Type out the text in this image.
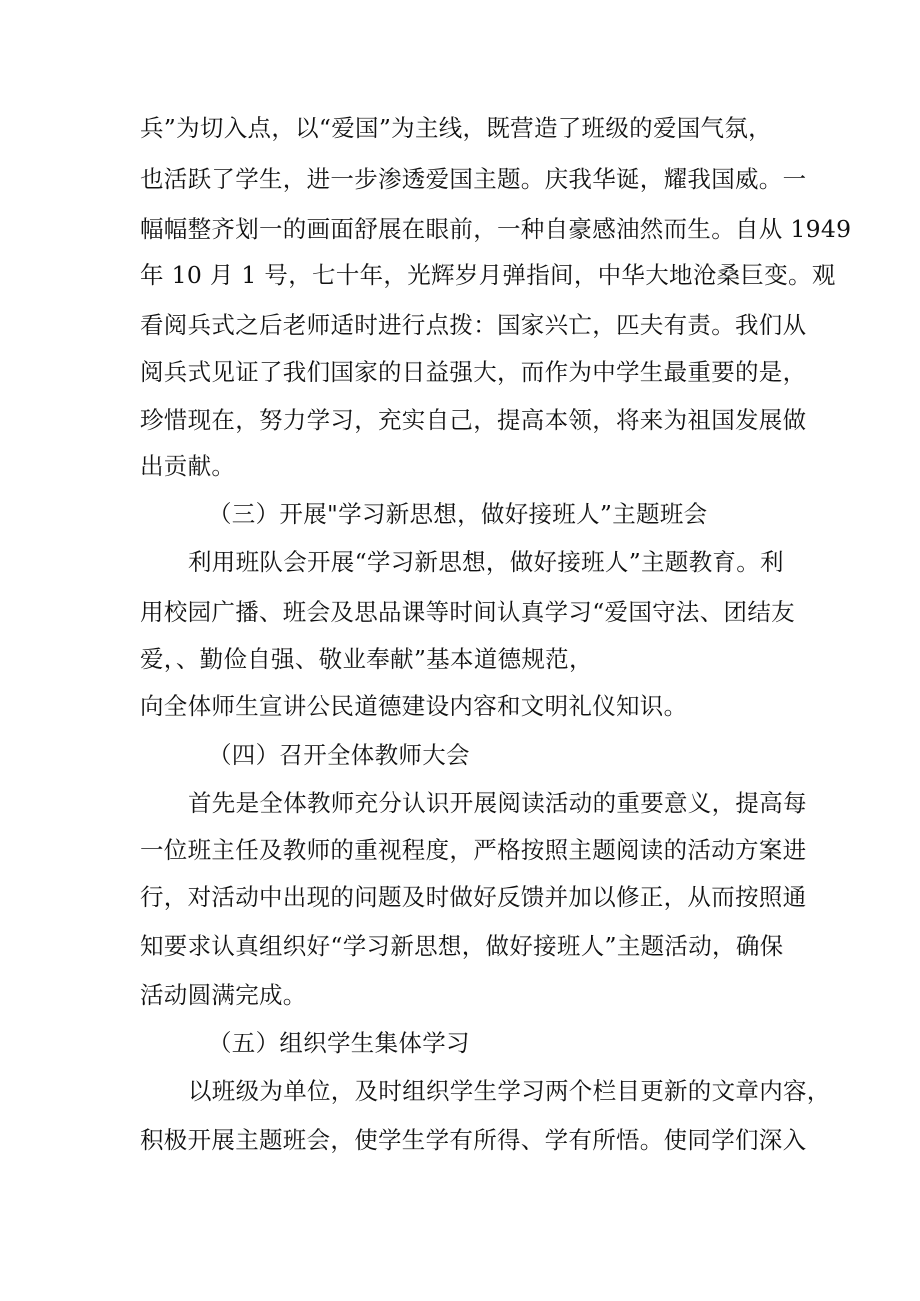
兵”为切入点，以“爱国”为主线，既营造了班级的爱国气氛，
也活跃了学生，进一步渗透爱国主题。庆我华诞，耀我国威。一
幅幅整齐划一的画面舒展在眼前，一种自豪感油然而生。自从 1949
年 10 月 1 号，七十年，光辉岁月弹指间，中华大地沧桑巨变。观
看阅兵式之后老师适时进行点拨：国家兴亡，匹夫有责。我们从
阅兵式见证了我们国家的日益强大，而作为中学生最重要的是，
珍惜现在，努力学习，充实自己，提高本领，将来为祖国发展做
出贡献。
（三）开展"学习新思想，做好接班人”主题班会
利用班队会开展“学习新思想，做好接班人”主题教育。利
用校园广播、班会及思品课等时间认真学习“爱国守法、团结友
爱，、勤俭自强、敬业奉献”基本道德规范，
向全体师生宣讲公民道德建设内容和文明礼仪知识。
（四）召开全体教师大会
首先是全体教师充分认识开展阅读活动的重要意义，提高每
一位班主任及教师的重视程度，严格按照主题阅读的活动方案进
行，对活动中出现的问题及时做好反馈并加以修正，从而按照通
知要求认真组织好“学习新思想，做好接班人”主题活动，确保
活动圆满完成。
（五）组织学生集体学习
以班级为单位，及时组织学生学习两个栏目更新的文章内容，
积极开展主题班会，使学生学有所得、学有所悟。使同学们深入
